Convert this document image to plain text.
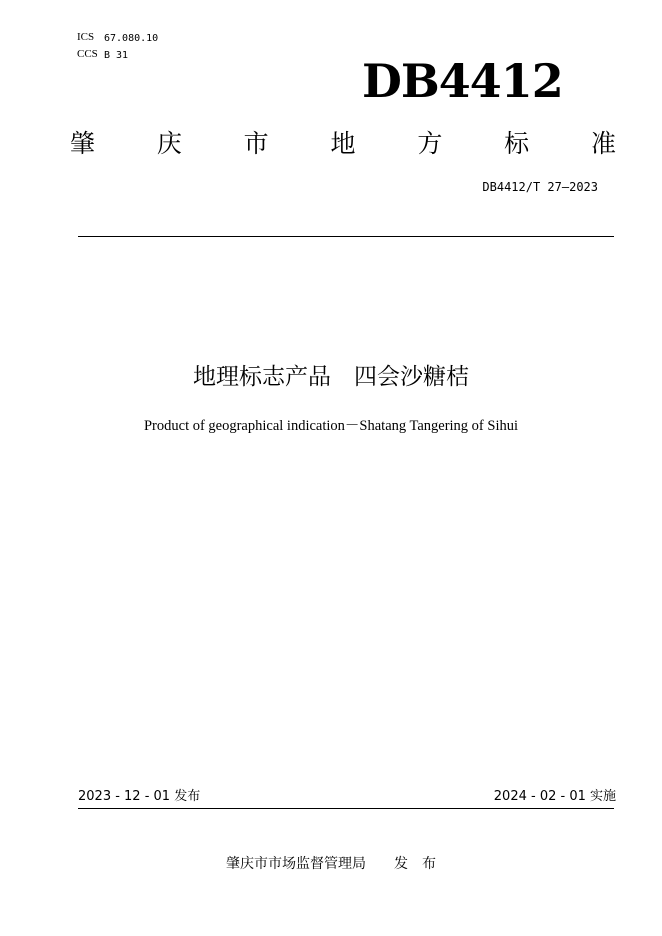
ICS 67.080.10
CCS B 31	DB4412
肇 庆 市 地 方 标 准
DB4412/T 27—2023
地理标志产品　四会沙糖桔
Product of geographical indication－Shatang Tangering of Sihui
2023 - 12 - 01 发布	2024 - 02 - 01 实施
肇庆市市场监督管理局　　发　布
